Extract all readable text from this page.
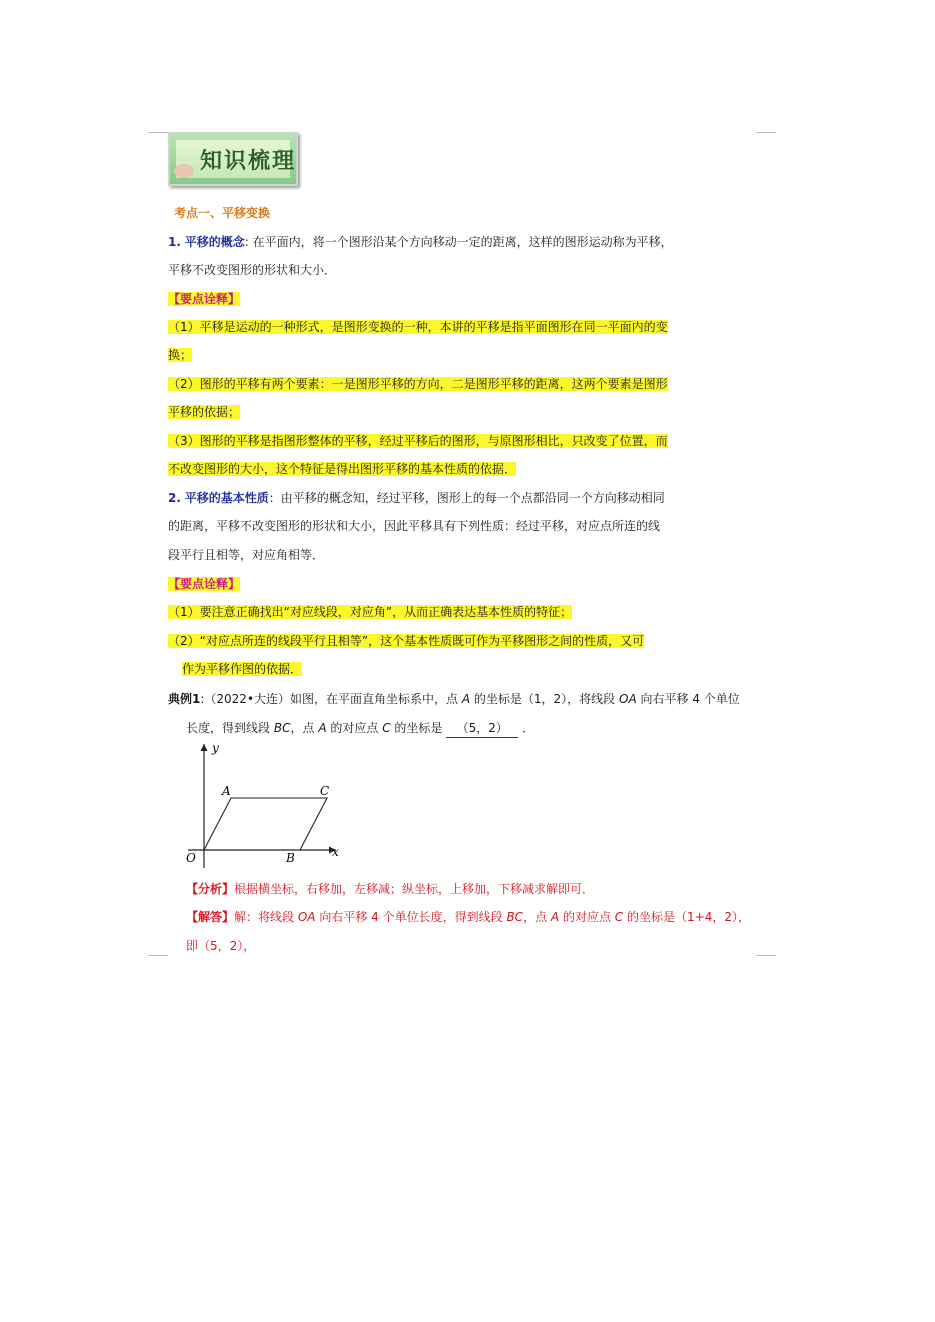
知识梳理
考点一、平移变换
1. 平移的概念: 在平面内，将一个图形沿某个方向移动一定的距离，这样的图形运动称为平移，
平移不改变图形的形状和大小．
【要点诠释】
（1）平移是运动的一种形式，是图形变换的一种，本讲的平移是指平面图形在同一平面内的变
换；
（2）图形的平移有两个要素：一是图形平移的方向，二是图形平移的距离，这两个要素是图形
平移的依据；
（3）图形的平移是指图形整体的平移，经过平移后的图形，与原图形相比，只改变了位置，而
不改变图形的大小，这个特征是得出图形平移的基本性质的依据．
2. 平移的基本性质：由平移的概念知，经过平移，图形上的每一个点都沿同一个方向移动相同
的距离，平移不改变图形的形状和大小，因此平移具有下列性质：经过平移，对应点所连的线
段平行且相等，对应角相等．
【要点诠释】
（1）要注意正确找出“对应线段，对应角”，从而正确表达基本性质的特征；
（2）“对应点所连的线段平行且相等”，这个基本性质既可作为平移图形之间的性质，又可
作为平移作图的依据．
典例1:（2022•大连）如图，在平面直角坐标系中，点 A 的坐标是（1，2），将线段 OA 向右平移 4 个单位
长度，得到线段 BC，点 A 的对应点 C 的坐标是 （5，2） ．
y
x
O
A	C
B
【分析】根据横坐标，右移加，左移减；纵坐标，上移加，下移减求解即可．
【解答】解：将线段 OA 向右平移 4 个单位长度，得到线段 BC，点 A 的对应点 C 的坐标是（1+4，2），
即（5，2），
